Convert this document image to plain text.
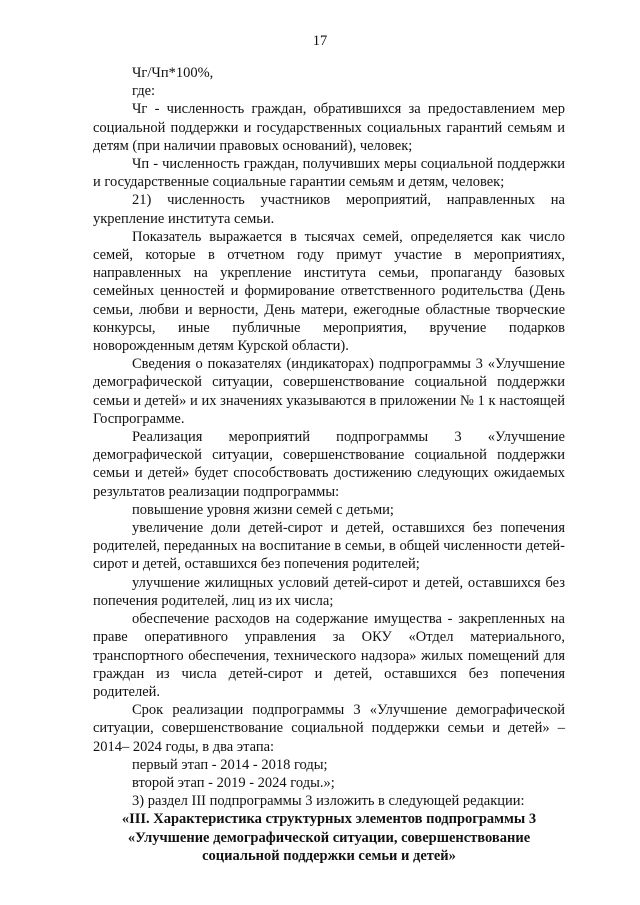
17

Чг/Чп*100%,

где:

Чг - численность граждан, обратившихся за предоставлением мер социальной поддержки и государственных социальных гарантий семьям и детям (при наличии правовых оснований), человек;

Чп - численность граждан, получивших меры социальной поддержки и государственные социальные гарантии семьям и детям, человек;

21) численность участников мероприятий, направленных на укрепление института семьи.

Показатель выражается в тысячах семей, определяется как число семей, которые в отчетном году примут участие в мероприятиях, направленных на укрепление института семьи, пропаганду базовых семейных ценностей и формирование ответственного родительства (День семьи, любви и верности, День матери, ежегодные областные творческие конкурсы, иные публичные мероприятия, вручение подарков новорожденным детям Курской области).

Сведения о показателях (индикаторах) подпрограммы 3 «Улучшение демографической ситуации, совершенствование социальной поддержки семьи и детей» и их значениях указываются в приложении № 1 к настоящей Госпрограмме.

Реализация мероприятий подпрограммы 3 «Улучшение демографической ситуации, совершенствование социальной поддержки семьи и детей» будет способствовать достижению следующих ожидаемых результатов реализации подпрограммы:

повышение уровня жизни семей с детьми;

увеличение доли детей-сирот и детей, оставшихся без попечения родителей, переданных на воспитание в семьи, в общей численности детей-сирот и детей, оставшихся без попечения родителей;

улучшение жилищных условий детей-сирот и детей, оставшихся без попечения родителей, лиц из их числа;

обеспечение расходов на содержание имущества - закрепленных на праве оперативного управления за ОКУ «Отдел материального, транспортного обеспечения, технического надзора» жилых помещений для граждан из числа детей-сирот и детей, оставшихся без попечения родителей.

Срок реализации подпрограммы 3 «Улучшение демографической ситуации, совершенствование социальной поддержки семьи и детей» – 2014– 2024 годы, в два этапа:

первый этап - 2014 - 2018 годы;

второй этап - 2019 - 2024 годы.»;

3) раздел III подпрограммы 3 изложить в следующей редакции:

«III. Характеристика структурных элементов подпрограммы 3 «Улучшение демографической ситуации, совершенствование социальной поддержки семьи и детей»
